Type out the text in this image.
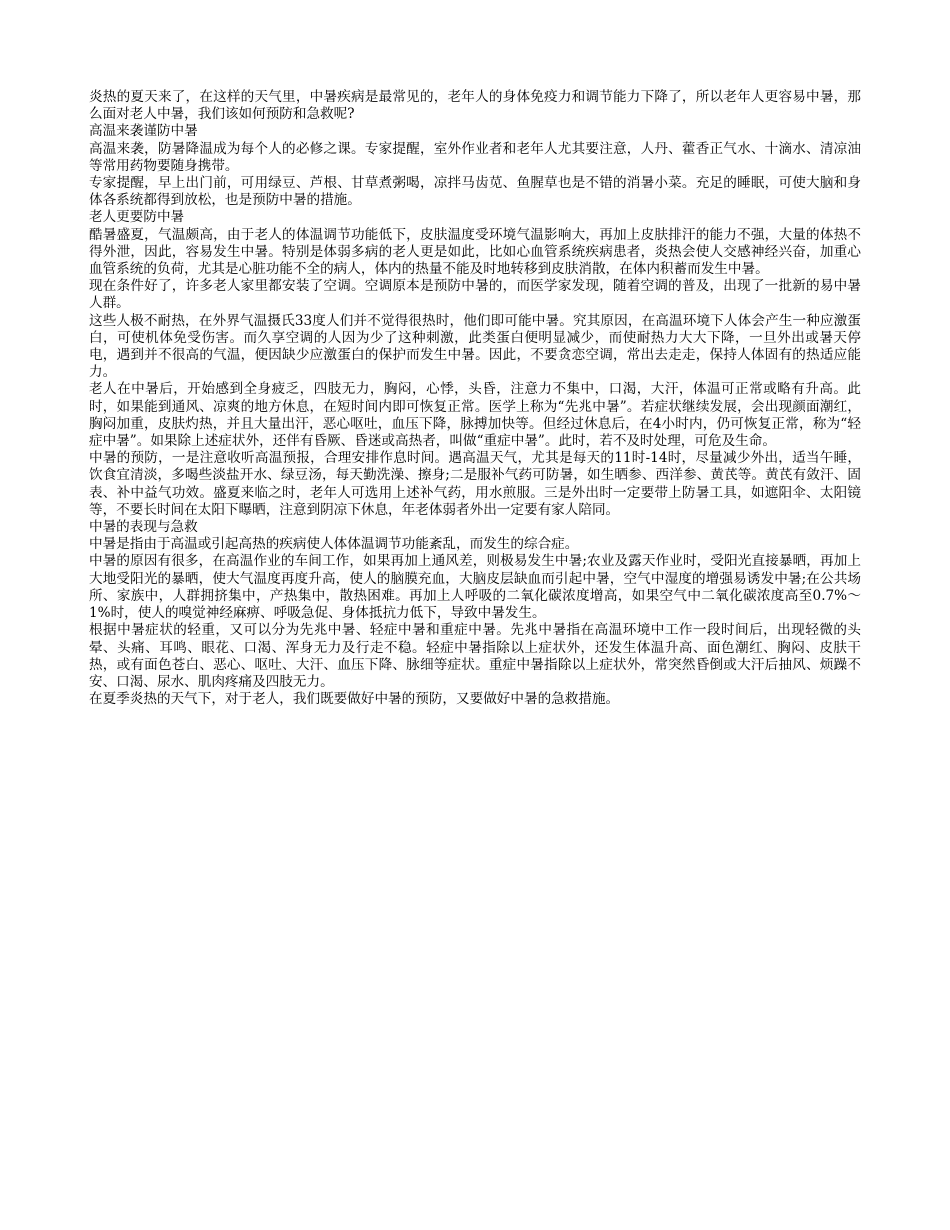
炎热的夏天来了，在这样的天气里，中暑疾病是最常见的，老年人的身体免疫力和调节能力下降了，所以老年人更容易中暑，那么面对老人中暑，我们该如何预防和急救呢?

高温来袭谨防中暑

高温来袭，防暑降温成为每个人的必修之课。专家提醒，室外作业者和老年人尤其要注意，人丹、藿香正气水、十滴水、清凉油等常用药物要随身携带。

专家提醒，早上出门前，可用绿豆、芦根、甘草煮粥喝，凉拌马齿苋、鱼腥草也是不错的消暑小菜。充足的睡眠，可使大脑和身体各系统都得到放松，也是预防中暑的措施。

老人更要防中暑

酷暑盛夏，气温颇高，由于老人的体温调节功能低下，皮肤温度受环境气温影响大，再加上皮肤排汗的能力不强，大量的体热不得外泄，因此，容易发生中暑。特别是体弱多病的老人更是如此，比如心血管系统疾病患者，炎热会使人交感神经兴奋，加重心血管系统的负荷，尤其是心脏功能不全的病人，体内的热量不能及时地转移到皮肤消散，在体内积蓄而发生中暑。

现在条件好了，许多老人家里都安装了空调。空调原本是预防中暑的，而医学家发现，随着空调的普及，出现了一批新的易中暑人群。

这些人极不耐热，在外界气温摄氏33度人们并不觉得很热时，他们即可能中暑。究其原因，在高温环境下人体会产生一种应激蛋白，可使机体免受伤害。而久享空调的人因为少了这种刺激，此类蛋白便明显减少，而使耐热力大大下降，一旦外出或暑天停电，遇到并不很高的气温，便因缺少应激蛋白的保护而发生中暑。因此，不要贪恋空调，常出去走走，保持人体固有的热适应能力。

老人在中暑后，开始感到全身疲乏，四肢无力，胸闷，心悸，头昏，注意力不集中，口渴，大汗，体温可正常或略有升高。此时，如果能到通风、凉爽的地方休息，在短时间内即可恢复正常。医学上称为“先兆中暑”。若症状继续发展，会出现颜面潮红，胸闷加重，皮肤灼热，并且大量出汗，恶心呕吐，血压下降，脉搏加快等。但经过休息后，在4小时内，仍可恢复正常，称为“轻症中暑”。如果除上述症状外，还伴有昏厥、昏迷或高热者，叫做“重症中暑”。此时，若不及时处理，可危及生命。

中暑的预防，一是注意收听高温预报，合理安排作息时间。遇高温天气，尤其是每天的11时-14时，尽量减少外出，适当午睡，饮食宜清淡，多喝些淡盐开水、绿豆汤，每天勤洗澡、擦身;二是服补气药可防暑，如生晒参、西洋参、黄芪等。黄芪有敛汗、固表、补中益气功效。盛夏来临之时，老年人可选用上述补气药，用水煎服。三是外出时一定要带上防暑工具，如遮阳伞、太阳镜等，不要长时间在太阳下曝晒，注意到阴凉下休息，年老体弱者外出一定要有家人陪同。

中暑的表现与急救

中暑是指由于高温或引起高热的疾病使人体体温调节功能紊乱，而发生的综合症。

中暑的原因有很多，在高温作业的车间工作，如果再加上通风差，则极易发生中暑;农业及露天作业时，受阳光直接暴晒，再加上大地受阳光的暴晒，使大气温度再度升高，使人的脑膜充血，大脑皮层缺血而引起中暑，空气中湿度的增强易诱发中暑;在公共场所、家族中，人群拥挤集中，产热集中，散热困难。再加上人呼吸的二氧化碳浓度增高，如果空气中二氧化碳浓度高至0.7%～1%时，使人的嗅觉神经麻痹、呼吸急促、身体抵抗力低下，导致中暑发生。

根据中暑症状的轻重，又可以分为先兆中暑、轻症中暑和重症中暑。先兆中暑指在高温环境中工作一段时间后，出现轻微的头晕、头痛、耳鸣、眼花、口渴、浑身无力及行走不稳。轻症中暑指除以上症状外，还发生体温升高、面色潮红、胸闷、皮肤干热，或有面色苍白、恶心、呕吐、大汗、血压下降、脉细等症状。重症中暑指除以上症状外，常突然昏倒或大汗后抽风、烦躁不安、口渴、尿水、肌肉疼痛及四肢无力。

在夏季炎热的天气下，对于老人，我们既要做好中暑的预防，又要做好中暑的急救措施。
